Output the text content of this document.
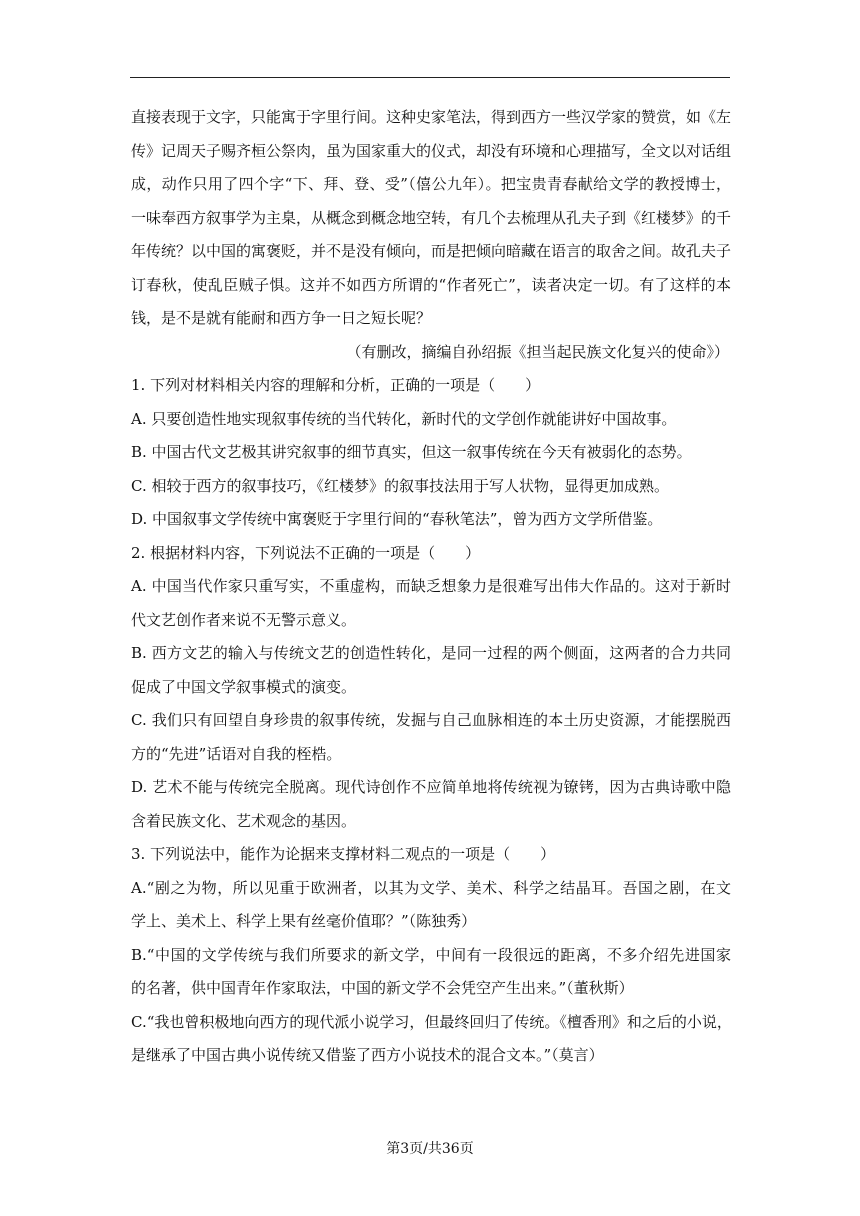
直接表现于文字，只能寓于字里行间。这种史家笔法，得到西方一些汉学家的赞赏，如《左
传》记周天子赐齐桓公祭肉，虽为国家重大的仪式，却没有环境和心理描写，全文以对话组
成，动作只用了四个字“下、拜、登、受”（僖公九年）。把宝贵青春献给文学的教授博士，
一味奉西方叙事学为主臬，从概念到概念地空转，有几个去梳理从孔夫子到《红楼梦》的千
年传统？以中国的寓褒贬，并不是没有倾向，而是把倾向暗藏在语言的取舍之间。故孔夫子
订春秋，使乱臣贼子惧。这并不如西方所谓的“作者死亡”，读者决定一切。有了这样的本
钱，是不是就有能耐和西方争一日之短长呢？
（有删改，摘编自孙绍振《担当起民族文化复兴的使命》）
1. 下列对材料相关内容的理解和分析，正确的一项是（　　）
A. 只要创造性地实现叙事传统的当代转化，新时代的文学创作就能讲好中国故事。
B. 中国古代文艺极其讲究叙事的细节真实，但这一叙事传统在今天有被弱化的态势。
C. 相较于西方的叙事技巧，《红楼梦》的叙事技法用于写人状物，显得更加成熟。
D. 中国叙事文学传统中寓褒贬于字里行间的“春秋笔法”，曾为西方文学所借鉴。
2. 根据材料内容，下列说法不正确的一项是（　　）
A. 中国当代作家只重写实，不重虚构，而缺乏想象力是很难写出伟大作品的。这对于新时
代文艺创作者来说不无警示意义。
B. 西方文艺的输入与传统文艺的创造性转化，是同一过程的两个侧面，这两者的合力共同
促成了中国文学叙事模式的演变。
C. 我们只有回望自身珍贵的叙事传统，发掘与自己血脉相连的本土历史资源，才能摆脱西
方的“先进”话语对自我的桎梏。
D. 艺术不能与传统完全脱离。现代诗创作不应简单地将传统视为镣铐，因为古典诗歌中隐
含着民族文化、艺术观念的基因。
3. 下列说法中，能作为论据来支撑材料二观点的一项是（　　）
A.“剧之为物，所以见重于欧洲者，以其为文学、美术、科学之结晶耳。吾国之剧，在文
学上、美术上、科学上果有丝毫价值耶？”（陈独秀）
B.“中国的文学传统与我们所要求的新文学，中间有一段很远的距离，不多介绍先进国家
的名著，供中国青年作家取法，中国的新文学不会凭空产生出来。”（董秋斯）
C.“我也曾积极地向西方的现代派小说学习，但最终回归了传统。《檀香刑》和之后的小说，
是继承了中国古典小说传统又借鉴了西方小说技术的混合文本。”（莫言）
第3页/共36页
